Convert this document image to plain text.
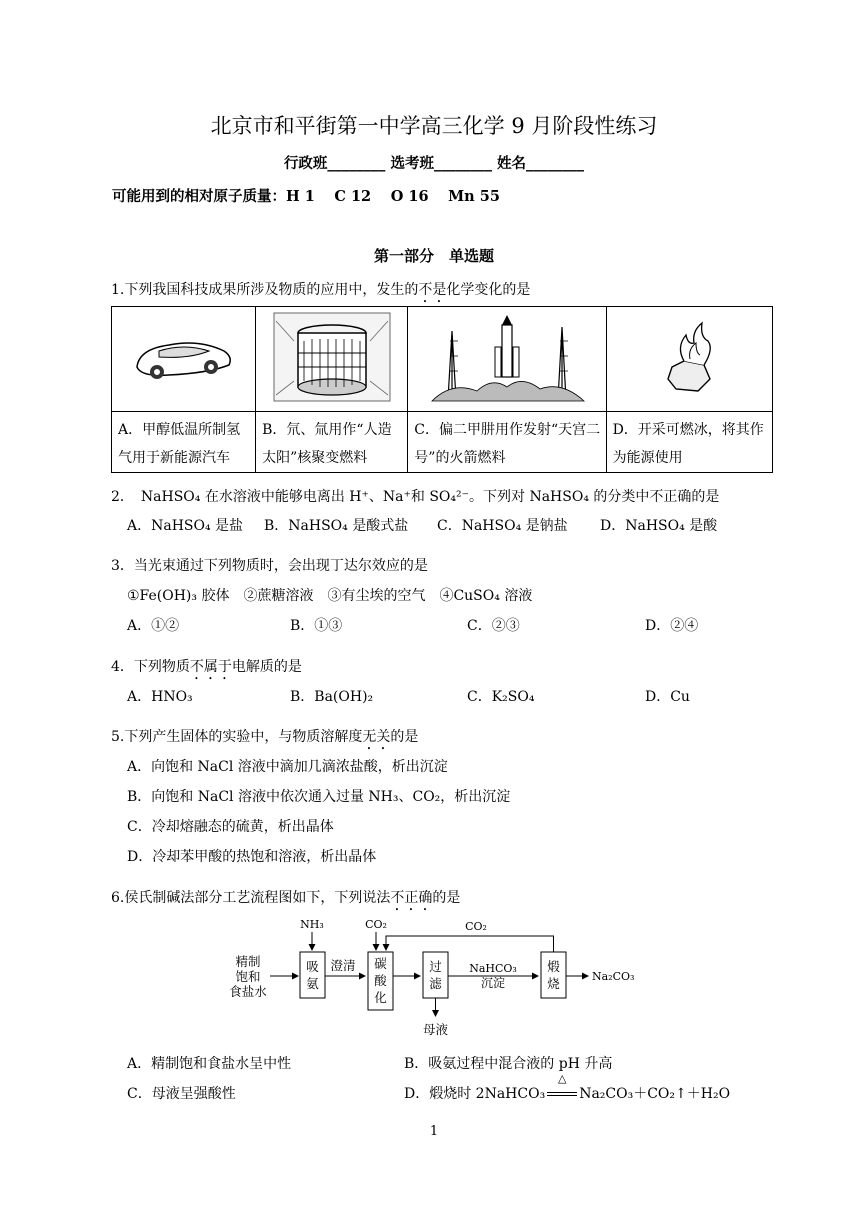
北京市和平街第一中学高三化学 9 月阶段性练习
行政班________ 选考班________ 姓名________
可能用到的相对原子质量：H 1　 C 12　 O 16　 Mn 55
第一部分　单选题
1.下列我国科技成果所涉及物质的应用中，发生的不是化学变化的是

A．甲醇低温所制氢气用于新能源汽车	B．氘、氚用作“人造太阳”核聚变燃料	C．偏二甲肼用作发射“天宫二号”的火箭燃料	D．开采可燃冰，将其作为能源使用
2．　NaHSO₄ 在水溶液中能够电离出 H⁺、Na⁺和 SO₄²⁻。下列对 NaHSO₄ 的分类中不正确的是
A．NaHSO₄ 是盐 B．NaHSO₄ 是酸式盐 C．NaHSO₄ 是钠盐 D．NaHSO₄ 是酸
3．当光束通过下列物质时，会出现丁达尔效应的是
①Fe(OH)₃ 胶体　②蔗糖溶液　③有尘埃的空气　④CuSO₄ 溶液
A．①②	B．①③	C．②③	D．②④
4．下列物质不属于电解质的是
A．HNO₃	B．Ba(OH)₂	C．K₂SO₄	D．Cu
5.下列产生固体的实验中，与物质溶解度无关的是
A．向饱和 NaCl 溶液中滴加几滴浓盐酸，析出沉淀
B．向饱和 NaCl 溶液中依次通入过量 NH₃、CO₂，析出沉淀
C．冷却熔融态的硫黄，析出晶体
D．冷却苯甲酸的热饱和溶液，析出晶体
6.侯氏制碱法部分工艺流程图如下，下列说法不正确的是
精制
饱和
食盐水
NH₃
吸
氨
澄清
CO₂
碳
酸
化
过
滤
母液
NaHCO₃
沉淀
煅
烧	Na₂CO₃
CO₂
A．精制饱和食盐水呈中性	B．吸氨过程中混合液的 pH 升高
C．母液呈强酸性	D．煅烧时 2NaHCO₃
△
Na₂CO₃＋CO₂↑＋H₂O
1
